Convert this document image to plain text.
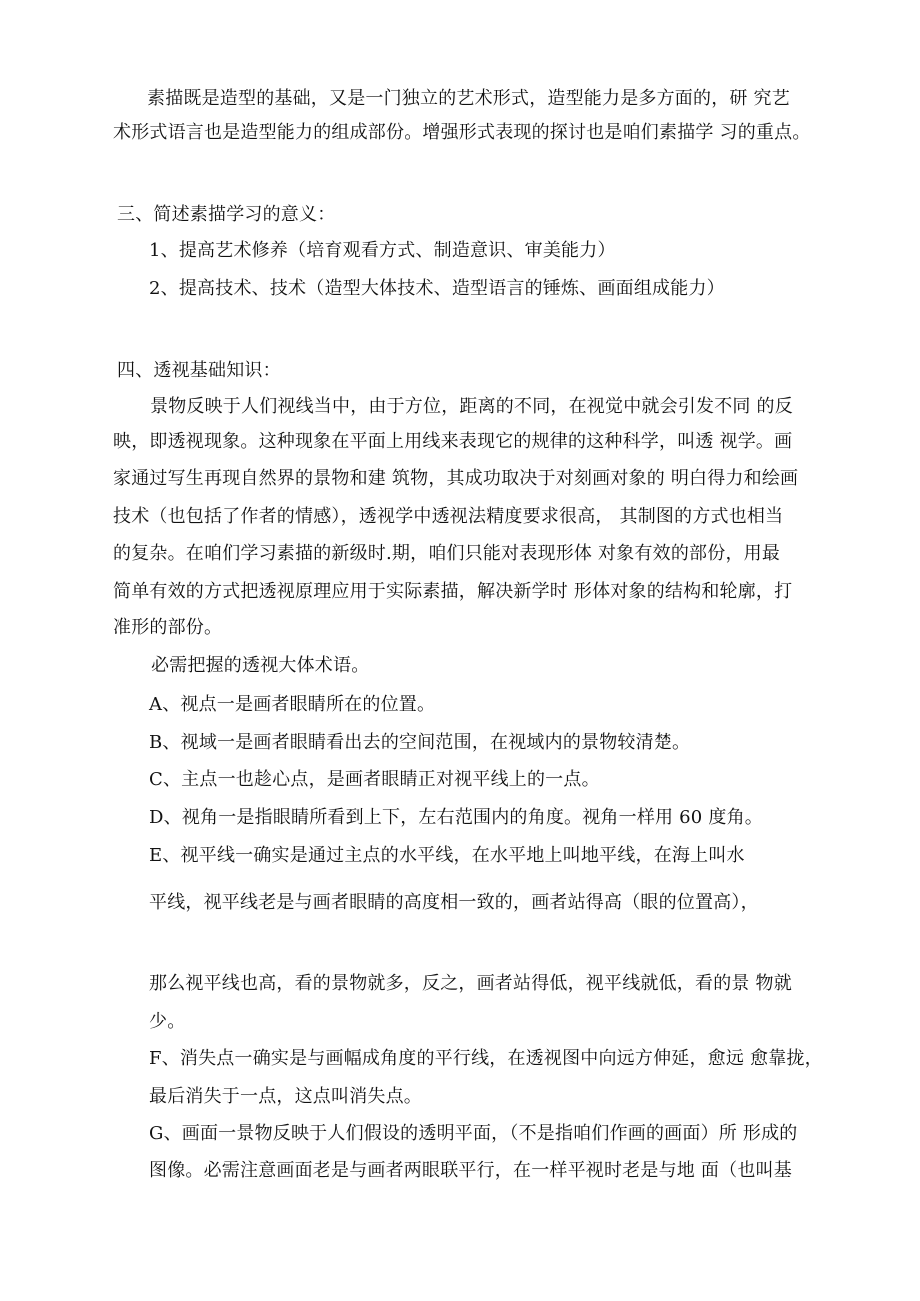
素描既是造型的基础，又是一门独立的艺术形式，造型能力是多方面的，研 究艺
术形式语言也是造型能力的组成部份。增强形式表现的探讨也是咱们素描学 习的重点。
三、简述素描学习的意义：
1、提高艺术修养（培育观看方式、制造意识、审美能力）
2、提高技术、技术（造型大体技术、造型语言的锤炼、画面组成能力）
四、透视基础知识：
景物反映于人们视线当中，由于方位，距离的不同，在视觉中就会引发不同 的反
映，即透视现象。这种现象在平面上用线来表现它的规律的这种科学，叫透 视学。画
家通过写生再现自然界的景物和建 筑物，其成功取决于对刻画对象的 明白得力和绘画
技术（也包括了作者的情感），透视学中透视法精度要求很高， 其制图的方式也相当
的复杂。在咱们学习素描的新级时.期，咱们只能对表现形体 对象有效的部份，用最
简单有效的方式把透视原理应用于实际素描，解决新学时 形体对象的结构和轮廓，打
准形的部份。
必需把握的透视大体术语。
A、视点一是画者眼睛所在的位置。
B、视域一是画者眼睛看出去的空间范围，在视域内的景物较清楚。
C、主点一也趁心点，是画者眼睛正对视平线上的一点。
D、视角一是指眼睛所看到上下，左右范围内的角度。视角一样用 60 度角。
E、视平线一确实是通过主点的水平线，在水平地上叫地平线，在海上叫水
平线，视平线老是与画者眼睛的高度相一致的，画者站得高（眼的位置高），
那么视平线也高，看的景物就多，反之，画者站得低，视平线就低，看的景 物就
少。
F、消失点一确实是与画幅成角度的平行线，在透视图中向远方伸延，愈远 愈靠拢，
最后消失于一点，这点叫消失点。
G、画面一景物反映于人们假设的透明平面，（不是指咱们作画的画面）所 形成的
图像。必需注意画面老是与画者两眼联平行，在一样平视时老是与地 面（也叫基
